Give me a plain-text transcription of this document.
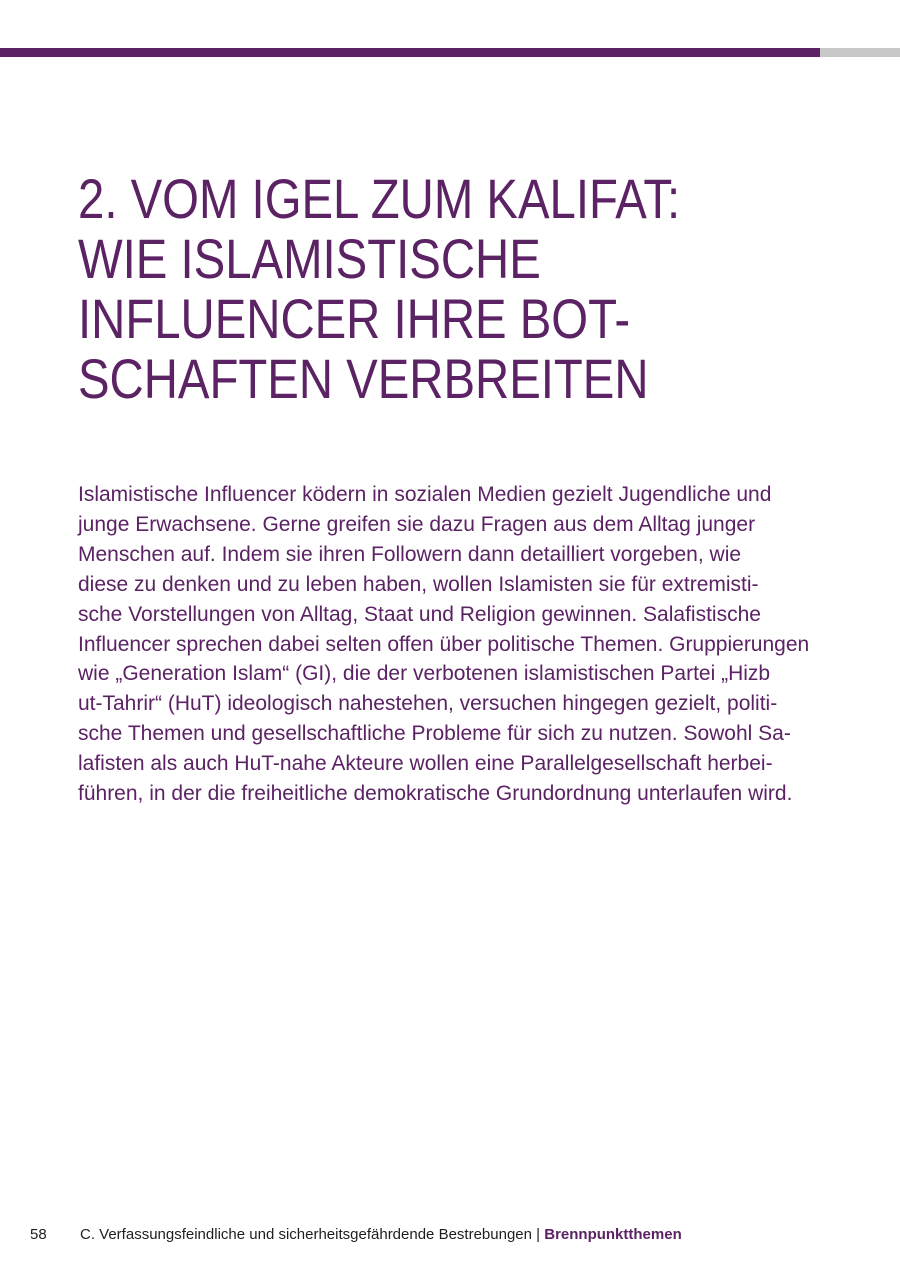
2. VOM IGEL ZUM KALIFAT:
WIE ISLAMISTISCHE
INFLUENCER IHRE BOT-
SCHAFTEN VERBREITEN
Islamistische Influencer ködern in sozialen Medien gezielt Jugendliche und
junge Erwachsene. Gerne greifen sie dazu Fragen aus dem Alltag junger
Menschen auf. Indem sie ihren Followern dann detailliert vorgeben, wie
diese zu denken und zu leben haben, wollen Islamisten sie für extremisti-
sche Vorstellungen von Alltag, Staat und Religion gewinnen. Salafistische
Influencer sprechen dabei selten offen über politische Themen. Gruppierungen
wie „Generation Islam“ (GI), die der verbotenen islamistischen Partei „Hizb
ut-Tahrir“ (HuT) ideologisch nahestehen, versuchen hingegen gezielt, politi-
sche Themen und gesellschaftliche Probleme für sich zu nutzen. Sowohl Sa-
lafisten als auch HuT-nahe Akteure wollen eine Parallelgesellschaft herbei-
führen, in der die freiheitliche demokratische Grundordnung unterlaufen wird.
58 C. Verfassungsfeindliche und sicherheitsgefährdende Bestrebungen | Brennpunktthemen
